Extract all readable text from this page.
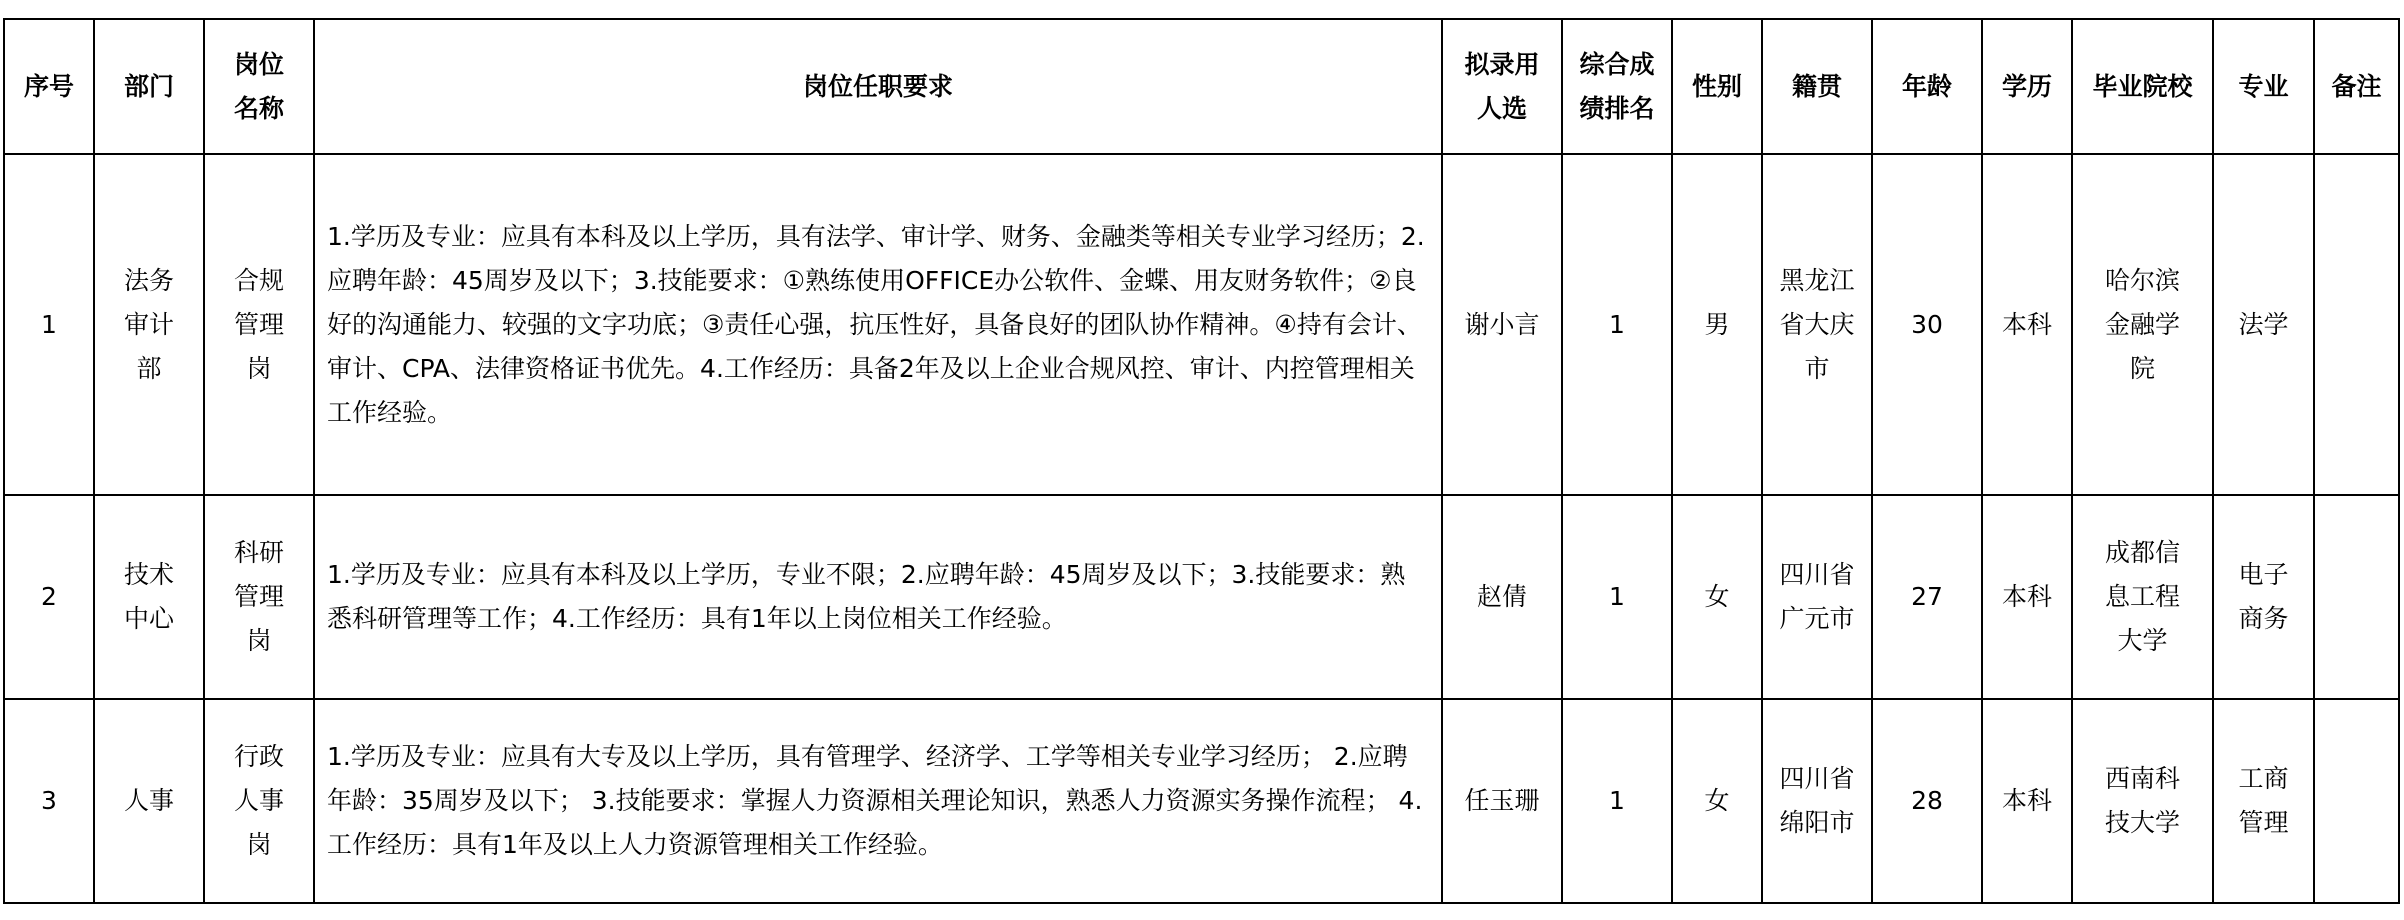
序号	部门	岗位名称	岗位任职要求	拟录用人选	综合成绩排名	性别	籍贯	年龄	学历	毕业院校	专业	备注
1	法务审计部	合规管理岗	1.学历及专业：应具有本科及以上学历，具有法学、审计学、财务、金融类等相关专业学习经历；2.应聘年龄：45周岁及以下；3.技能要求：①熟练使用OFFICE办公软件、金蝶、用友财务软件；②良好的沟通能力、较强的文字功底；③责任心强，抗压性好，具备良好的团队协作精神。④持有会计、审计、CPA、法律资格证书优先。4.工作经历：具备2年及以上企业合规风控、审计、内控管理相关工作经验。	谢小言	1	男	黑龙江省大庆市	30	本科	哈尔滨金融学院	法学	

2	技术中心	科研管理岗	1.学历及专业：应具有本科及以上学历，专业不限；2.应聘年龄：45周岁及以下；3.技能要求：熟悉科研管理等工作；4.工作经历：具有1年以上岗位相关工作经验。	赵倩	1	女	四川省广元市	27	本科	成都信息工程大学	电子商务	

3	人事	行政人事岗	1.学历及专业：应具有大专及以上学历，具有管理学、经济学、工学等相关专业学习经历； 2.应聘年龄：35周岁及以下； 3.技能要求：掌握人力资源相关理论知识，熟悉人力资源实务操作流程； 4.工作经历：具有1年及以上人力资源管理相关工作经验。	任玉珊	1	女	四川省绵阳市	28	本科	西南科技大学	工商管理	
